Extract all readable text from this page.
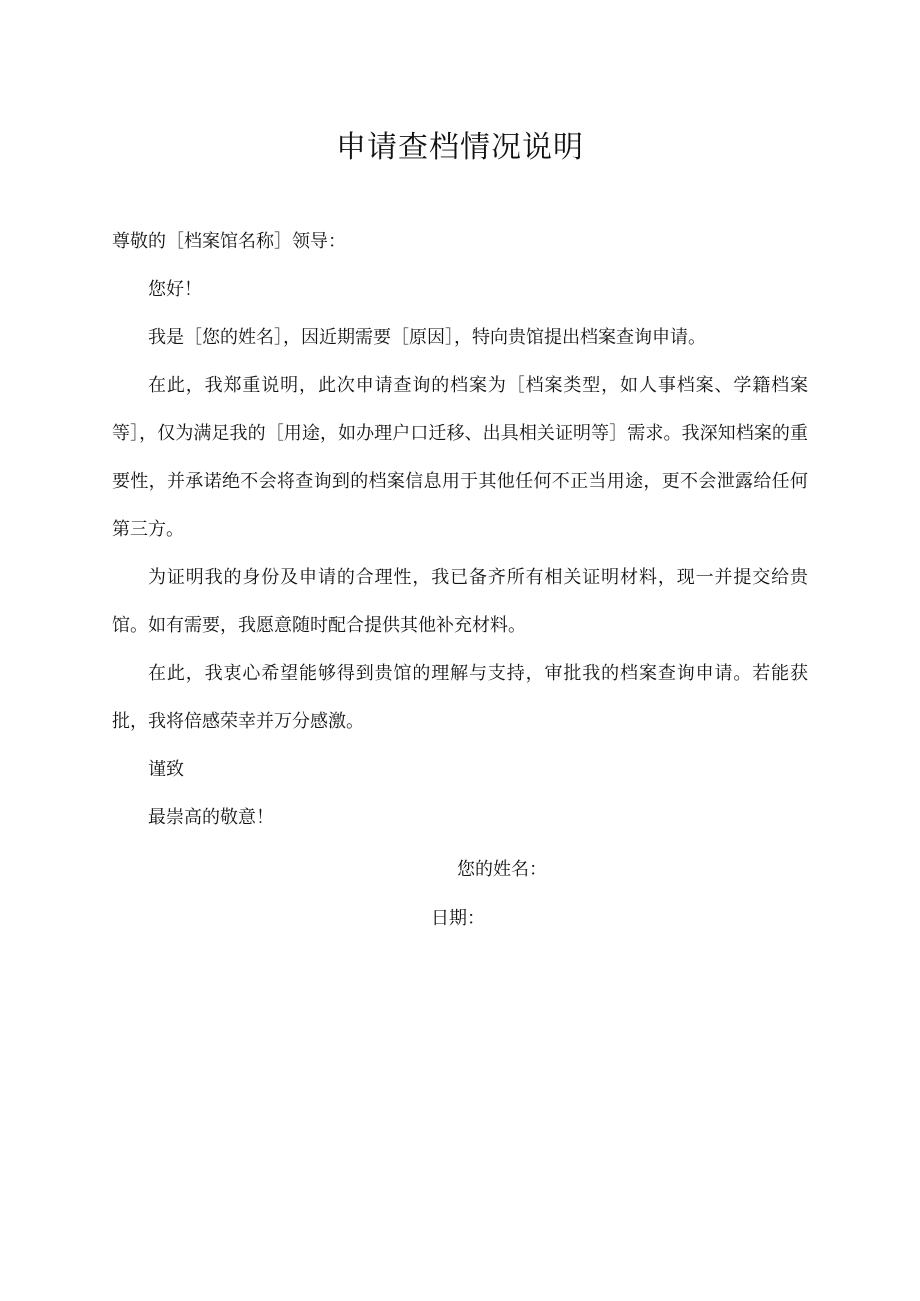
申请查档情况说明

尊敬的［档案馆名称］领导：

您好！

我是［您的姓名］，因近期需要［原因］，特向贵馆提出档案查询申请。

在此，我郑重说明，此次申请查询的档案为［档案类型，如人事档案、学籍档案等］，仅为满足我的［用途，如办理户口迁移、出具相关证明等］需求。我深知档案的重要性，并承诺绝不会将查询到的档案信息用于其他任何不正当用途，更不会泄露给任何第三方。

为证明我的身份及申请的合理性，我已备齐所有相关证明材料，现一并提交给贵馆。如有需要，我愿意随时配合提供其他补充材料。

在此，我衷心希望能够得到贵馆的理解与支持，审批我的档案查询申请。若能获批，我将倍感荣幸并万分感激。

谨致

最崇高的敬意！

您的姓名：
日期：
